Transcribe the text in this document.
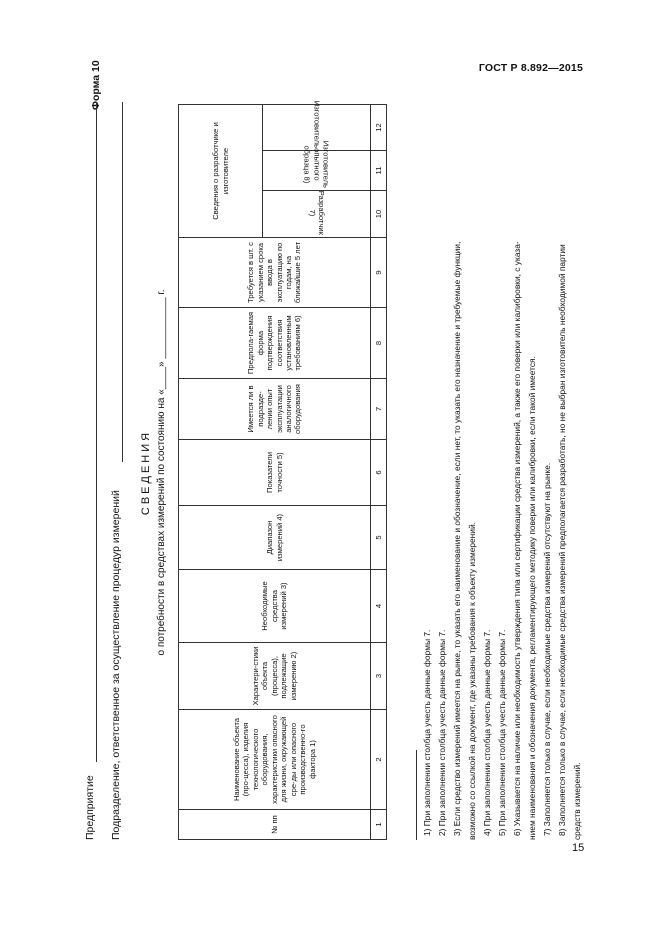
ГОСТ Р 8.892—2015
15
Форма 10
Предприятие Подразделение, ответственное за осуществление процедур измерений
СВЕДЕНИЯ о потребности в средствах измерений по состоянию на «____» ___________ г.
№ пп	Наименование объекта (про-цесса), изделия технологического оборудования, характеристики опасного для жизни, окружающей сре-ды или опасного производственно-го фактора 1)	Характери-стики объекта (процесса), подлежащие измерению 2)	Необходимые средства измерений 3)	Диапазон измерений 4)	Показатели точности 5)	Имеется ли в подразде-лении опыт эксплуатации аналогичного оборудования	Предпола-гаемая форма подтверждения соответствия установленным требованиям 6)	Требуется в шт. с указанием срока ввода в эксплуатацию по годам, на ближайшие 5 лет	Сведения о разработчике и изготовителе		
									Разработчик 7)	Изготовитель опытного образца 8)	Изготовитель
1	2	3	4	5	6	7	8	9	10	11	12
1) При заполнении столбца учесть данные формы 7. 2) При заполнении столбца учесть данные формы 7. 3) Если средство измерений имеется на рынке, то указать его наименование и обозначение, если нет, то указать его назначение и требуемые функции, возможно со ссылкой на документ, где указаны требования к объекту измерений. 4) При заполнении столбца учесть данные формы 7. 5) При заполнении столбца учесть данные формы 7. 6) Указывается на наличие или необходимость утверждения типа или сертификации средства измерений, а также его поверки или калибровки, с указа- нием наименования и обозначения документа, регламентирующего методику поверки или калибровки, если такой имеется. 7) Заполняется только в случае, если необходимые средства измерений отсутствуют на рынке. 8) Заполняется только в случае, если необходимые средства измерений предполагается разработать, но не выбран изготовитель необходимой партии средств измерений.
